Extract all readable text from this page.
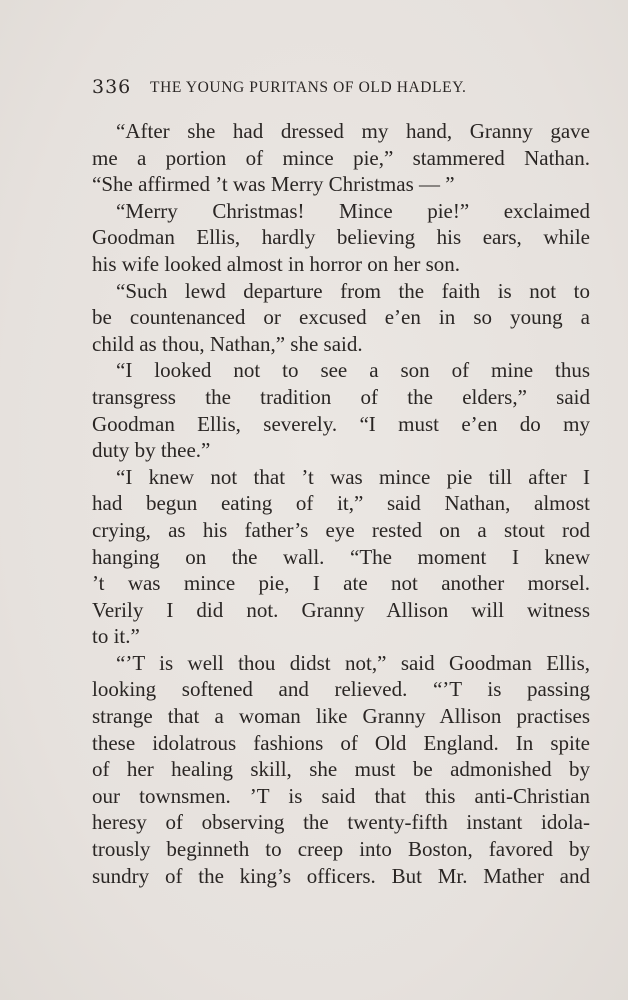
336 THE YOUNG PURITANS OF OLD HADLEY.
“After she had dressed my hand, Granny gave
me a portion of mince pie,” stammered Nathan.
“She affirmed ’t was Merry Christmas — ”
“Merry Christmas! Mince pie!” exclaimed
Goodman Ellis, hardly believing his ears, while
his wife looked almost in horror on her son.
“Such lewd departure from the faith is not to
be countenanced or excused e’en in so young a
child as thou, Nathan,” she said.
“I looked not to see a son of mine thus
transgress the tradition of the elders,” said
Goodman Ellis, severely. “I must e’en do my
duty by thee.”
“I knew not that ’t was mince pie till after I
had begun eating of it,” said Nathan, almost
crying, as his father’s eye rested on a stout rod
hanging on the wall. “The moment I knew
’t was mince pie, I ate not another morsel.
Verily I did not. Granny Allison will witness
to it.”
“’T is well thou didst not,” said Goodman Ellis,
looking softened and relieved. “’T is passing
strange that a woman like Granny Allison practises
these idolatrous fashions of Old England. In spite
of her healing skill, she must be admonished by
our townsmen. ’T is said that this anti-Christian
heresy of observing the twenty-fifth instant idola-
trously beginneth to creep into Boston, favored by
sundry of the king’s officers. But Mr. Mather and
